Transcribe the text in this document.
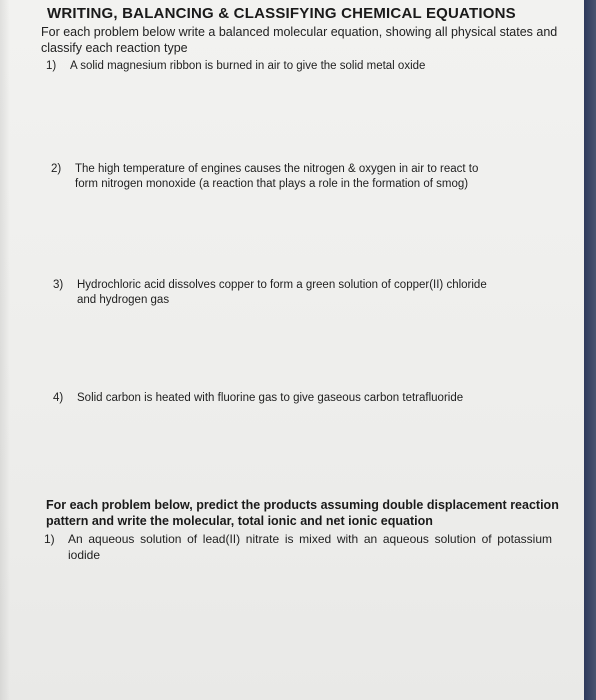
WRITING, BALANCING & CLASSIFYING CHEMICAL EQUATIONS
For each problem below write a balanced molecular equation, showing all physical states and classify each reaction type
1) A solid magnesium ribbon is burned in air to give the solid metal oxide
2) The high temperature of engines causes the nitrogen & oxygen in air to react to
form nitrogen monoxide (a reaction that plays a role in the formation of smog)
3) Hydrochloric acid dissolves copper to form a green solution of copper(II) chloride
and hydrogen gas
4) Solid carbon is heated with fluorine gas to give gaseous carbon tetrafluoride
For each problem below, predict the products assuming double displacement reaction pattern and write the molecular, total ionic and net ionic equation
1) An aqueous solution of lead(II) nitrate is mixed with an aqueous solution of potassium iodide
